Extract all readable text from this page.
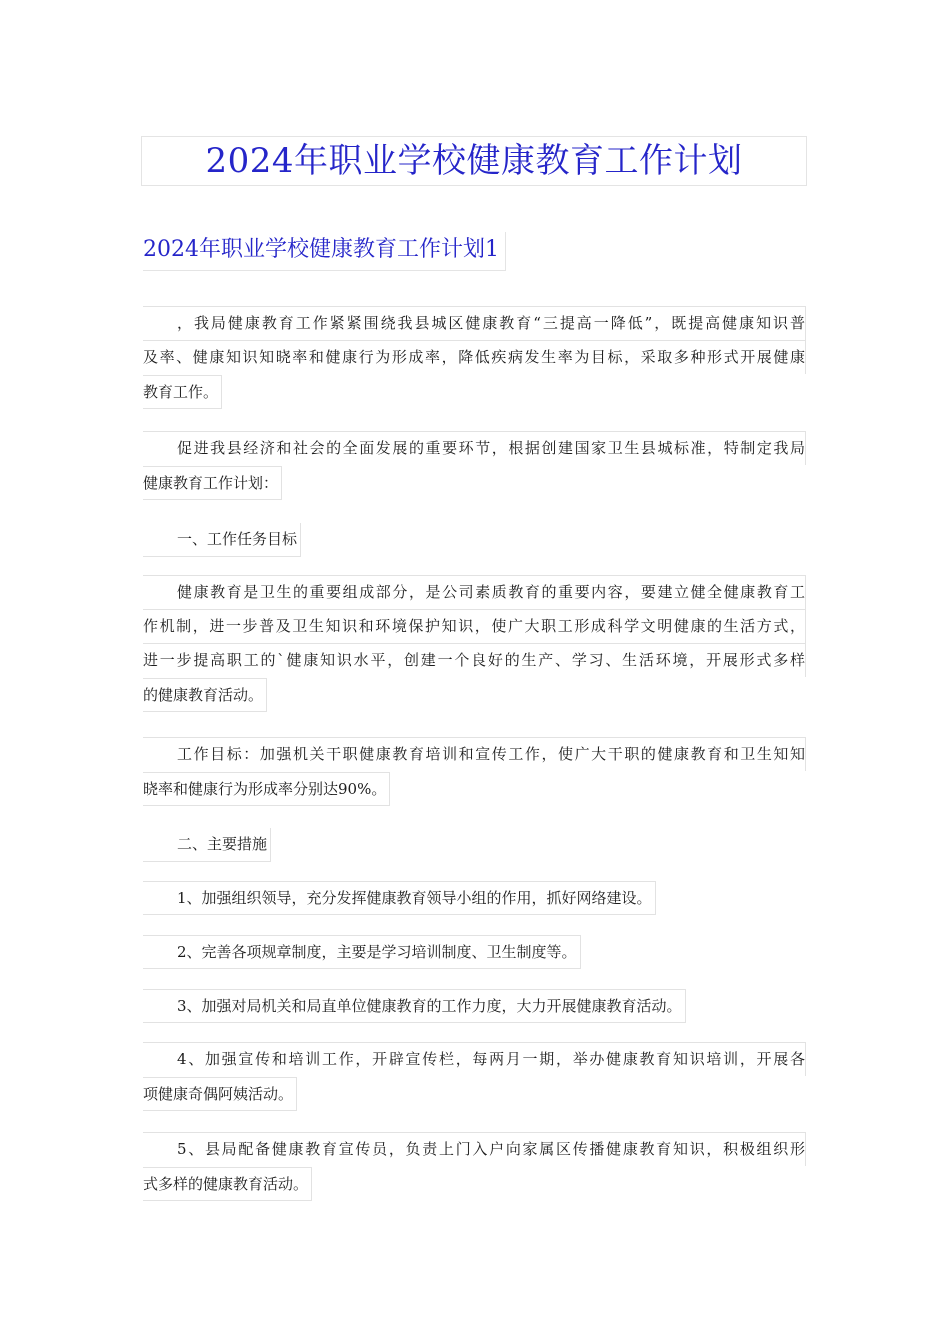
2024年职业学校健康教育工作计划
2024年职业学校健康教育工作计划1
，我局健康教育工作紧紧围绕我县城区健康教育“三提高一降低”，既提高健康知识普
及率、健康知识知晓率和健康行为形成率，降低疾病发生率为目标，采取多种形式开展健康
教育工作。
促进我县经济和社会的全面发展的重要环节，根据创建国家卫生县城标准，特制定我局
健康教育工作计划：
一、工作任务目标
健康教育是卫生的重要组成部分，是公司素质教育的重要内容，要建立健全健康教育工
作机制，进一步普及卫生知识和环境保护知识，使广大职工形成科学文明健康的生活方式，
进一步提高职工的`健康知识水平，创建一个良好的生产、学习、生活环境，开展形式多样
的健康教育活动。
工作目标：加强机关干职健康教育培训和宣传工作，使广大干职的健康教育和卫生知知
晓率和健康行为形成率分别达90%。
二、主要措施
1、加强组织领导，充分发挥健康教育领导小组的作用，抓好网络建设。
2、完善各项规章制度，主要是学习培训制度、卫生制度等。
3、加强对局机关和局直单位健康教育的工作力度，大力开展健康教育活动。
4、加强宣传和培训工作，开辟宣传栏，每两月一期，举办健康教育知识培训，开展各
项健康奇偶阿姨活动。
5、县局配备健康教育宣传员，负责上门入户向家属区传播健康教育知识，积极组织形
式多样的健康教育活动。
